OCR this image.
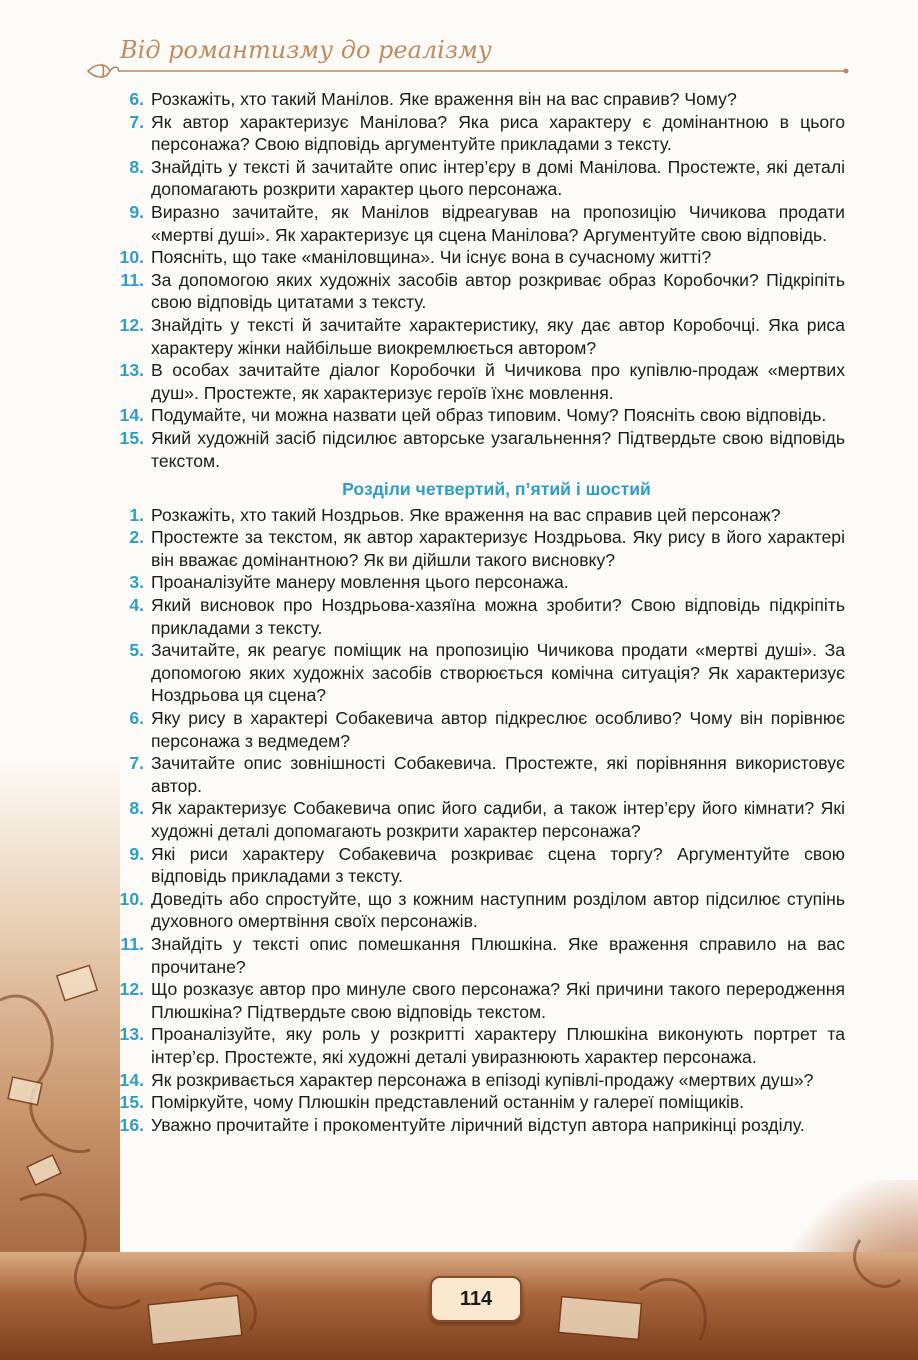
Від романтизму до реалізму
6. Розкажіть, хто такий Манілов. Яке враження він на вас справив? Чому?
7. Як автор характеризує Манілова? Яка риса характеру є домінантною в цього персонажа? Свою відповідь аргументуйте прикладами з тексту.
8. Знайдіть у тексті й зачитайте опис інтер’єру в домі Манілова. Простежте, які деталі допомагають розкрити характер цього персонажа.
9. Виразно зачитайте, як Манілов відреагував на пропозицію Чичикова продати «мертві душі». Як характеризує ця сцена Манілова? Аргументуйте свою відповідь.
10. Поясніть, що таке «маніловщина». Чи існує вона в сучасному житті?
11. За допомогою яких художніх засобів автор розкриває образ Коробочки? Підкріпіть свою відповідь цитатами з тексту.
12. Знайдіть у тексті й зачитайте характеристику, яку дає автор Коробочці. Яка риса характеру жінки найбільше виокремлюється автором?
13. В особах зачитайте діалог Коробочки й Чичикова про купівлю-продаж «мертвих душ». Простежте, як характеризує героїв їхнє мовлення.
14. Подумайте, чи можна назвати цей образ типовим. Чому? Поясніть свою відповідь.
15. Який художній засіб підсилює авторське узагальнення? Підтвердьте свою відповідь текстом.
Розділи четвертий, п’ятий і шостий
1. Розкажіть, хто такий Ноздрьов. Яке враження на вас справив цей персонаж?
2. Простежте за текстом, як автор характеризує Ноздрьова. Яку рису в його характері він вважає домінантною? Як ви дійшли такого висновку?
3. Проаналізуйте манеру мовлення цього персонажа.
4. Який висновок про Ноздрьова-хазяїна можна зробити? Свою відповідь підкріпіть прикладами з тексту.
5. Зачитайте, як реагує поміщик на пропозицію Чичикова продати «мертві душі». За допомогою яких художніх засобів створюється комічна ситуація? Як характеризує Ноздрьова ця сцена?
6. Яку рису в характері Собакевича автор підкреслює особливо? Чому він порівнює персонажа з ведмедем?
7. Зачитайте опис зовнішності Собакевича. Простежте, які порівняння використовує автор.
8. Як характеризує Собакевича опис його садиби, а також інтер’єру його кімнати? Які художні деталі допомагають розкрити характер персонажа?
9. Які риси характеру Собакевича розкриває сцена торгу? Аргументуйте свою відповідь прикладами з тексту.
10. Доведіть або спростуйте, що з кожним наступним розділом автор підсилює ступінь духовного омертвіння своїх персонажів.
11. Знайдіть у тексті опис помешкання Плюшкіна. Яке враження справило на вас прочитане?
12. Що розказує автор про минуле свого персонажа? Які причини такого переродження Плюшкіна? Підтвердьте свою відповідь текстом.
13. Проаналізуйте, яку роль у розкритті характеру Плюшкіна виконують портрет та інтер’єр. Простежте, які художні деталі увиразнюють характер персонажа.
14. Як розкривається характер персонажа в епізоді купівлі-продажу «мертвих душ»?
15. Поміркуйте, чому Плюшкін представлений останнім у галереї поміщиків.
16. Уважно прочитайте і прокоментуйте ліричний відступ автора наприкінці розділу.
114
